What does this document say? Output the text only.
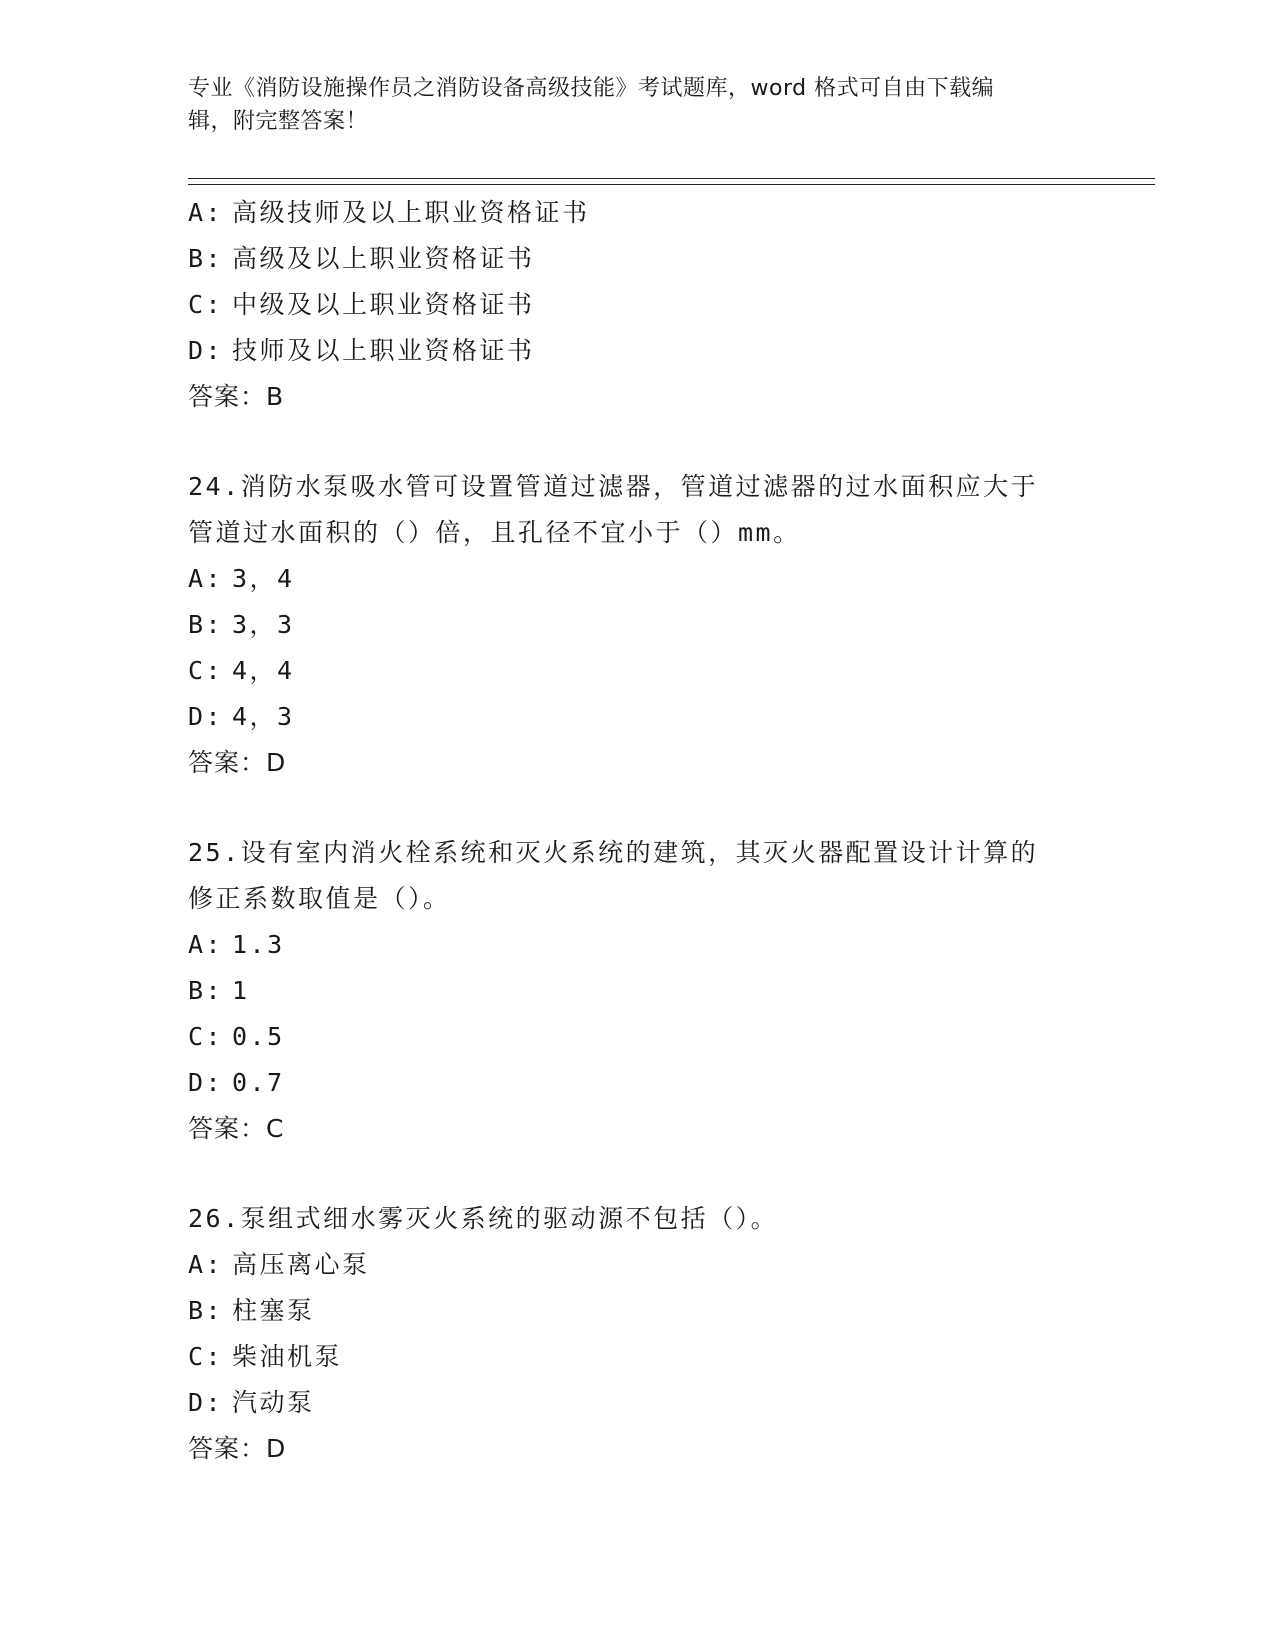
专业《消防设施操作员之消防设备高级技能》考试题库，word 格式可自由下载编
辑，附完整答案！
A: 高级技师及以上职业资格证书
B: 高级及以上职业资格证书
C: 中级及以上职业资格证书
D: 技师及以上职业资格证书
答案：B
24.消防水泵吸水管可设置管道过滤器，管道过滤器的过水面积应大于
管道过水面积的（）倍，且孔径不宜小于（）mm。
A: 3，4
B: 3，3
C: 4，4
D: 4，3
答案：D
25.设有室内消火栓系统和灭火系统的建筑，其灭火器配置设计计算的
修正系数取值是（）。
A: 1.3
B: 1
C: 0.5
D: 0.7
答案：C
26.泵组式细水雾灭火系统的驱动源不包括（）。
A: 高压离心泵
B: 柱塞泵
C: 柴油机泵
D: 汽动泵
答案：D
